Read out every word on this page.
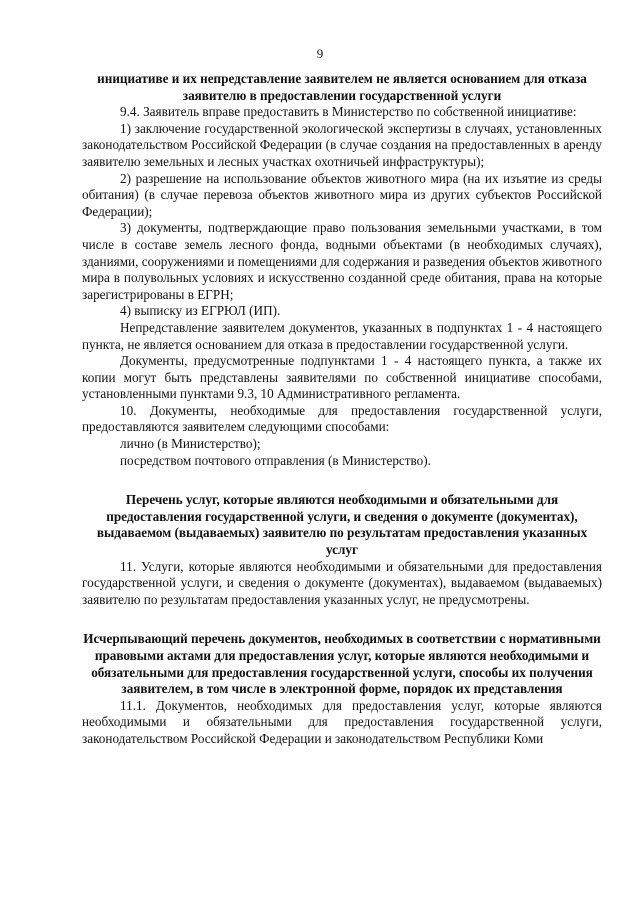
9
инициативе и их непредставление заявителем не является основанием для отказа заявителю в предоставлении государственной услуги

9.4. Заявитель вправе предоставить в Министерство по собственной инициативе:

1) заключение государственной экологической экспертизы в случаях, установленных законодательством Российской Федерации (в случае создания на предоставленных в аренду заявителю земельных и лесных участках охотничьей инфраструктуры);

2) разрешение на использование объектов животного мира (на их изъятие из среды обитания) (в случае перевоза объектов животного мира из других субъектов Российской Федерации);

3) документы, подтверждающие право пользования земельными участками, в том числе в составе земель лесного фонда, водными объектами (в необходимых случаях), зданиями, сооружениями и помещениями для содержания и разведения объектов животного мира в полувольных условиях и искусственно созданной среде обитания, права на которые зарегистрированы в ЕГРН;

4) выписку из ЕГРЮЛ (ИП).

Непредставление заявителем документов, указанных в подпунктах 1 - 4 настоящего пункта, не является основанием для отказа в предоставлении государственной услуги.

Документы, предусмотренные подпунктами 1 - 4 настоящего пункта, а также их копии могут быть представлены заявителями по собственной инициативе способами, установленными пунктами 9.3, 10 Административного регламента.

10. Документы, необходимые для предоставления государственной услуги, предоставляются заявителем следующими способами:

лично (в Министерство);

посредством почтового отправления (в Министерство).

Перечень услуг, которые являются необходимыми и обязательными для предоставления государственной услуги, и сведения о документе (документах), выдаваемом (выдаваемых) заявителю по результатам предоставления указанных услуг

11. Услуги, которые являются необходимыми и обязательными для предоставления государственной услуги, и сведения о документе (документах), выдаваемом (выдаваемых) заявителю по результатам предоставления указанных услуг, не предусмотрены.

Исчерпывающий перечень документов, необходимых в соответствии с нормативными правовыми актами для предоставления услуг, которые являются необходимыми и обязательными для предоставления государственной услуги, способы их получения заявителем, в том числе в электронной форме, порядок их представления

11.1. Документов, необходимых для предоставления услуг, которые являются необходимыми и обязательными для предоставления государственной услуги, законодательством Российской Федерации и законодательством Республики Коми
